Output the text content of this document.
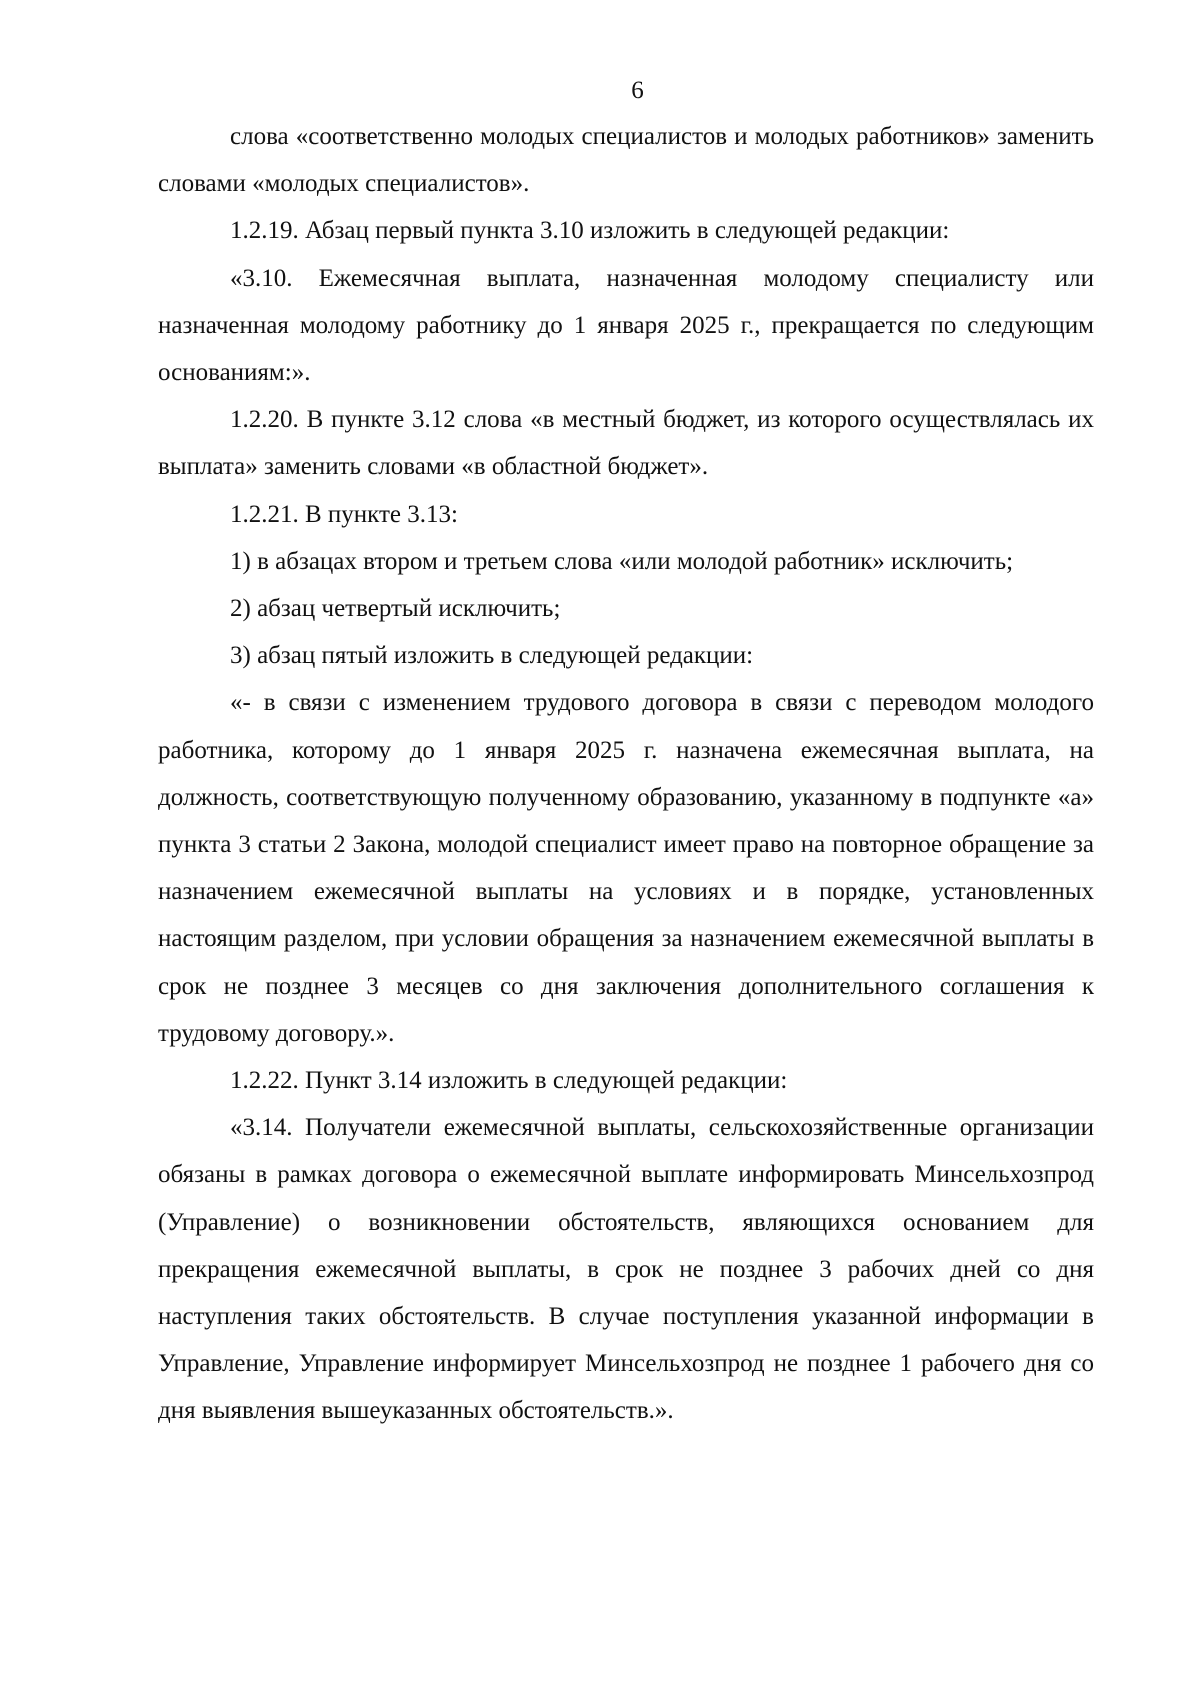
6

слова «соответственно молодых специалистов и молодых работников» заменить словами «молодых специалистов».

1.2.19. Абзац первый пункта 3.10 изложить в следующей редакции:

«3.10. Ежемесячная выплата, назначенная молодому специалисту или назначенная молодому работнику до 1 января 2025 г., прекращается по следующим основаниям:».

1.2.20. В пункте 3.12 слова «в местный бюджет, из которого осуществлялась их выплата» заменить словами «в областной бюджет».

1.2.21. В пункте 3.13:

1) в абзацах втором и третьем слова «или молодой работник» исключить;

2) абзац четвертый исключить;

3) абзац пятый изложить в следующей редакции:

«- в связи с изменением трудового договора в связи с переводом молодого работника, которому до 1 января 2025 г. назначена ежемесячная выплата, на должность, соответствующую полученному образованию, указанному в подпункте «а» пункта 3 статьи 2 Закона, молодой специалист имеет право на повторное обращение за назначением ежемесячной выплаты на условиях и в порядке, установленных настоящим разделом, при условии обращения за назначением ежемесячной выплаты в срок не позднее 3 месяцев со дня заключения дополнительного соглашения к трудовому договору.».

1.2.22. Пункт 3.14 изложить в следующей редакции:

«3.14. Получатели ежемесячной выплаты, сельскохозяйственные организации обязаны в рамках договора о ежемесячной выплате информировать Минсельхозпрод (Управление) о возникновении обстоятельств, являющихся основанием для прекращения ежемесячной выплаты, в срок не позднее 3 рабочих дней со дня наступления таких обстоятельств. В случае поступления указанной информации в Управление, Управление информирует Минсельхозпрод не позднее 1 рабочего дня со дня выявления вышеуказанных обстоятельств.».
